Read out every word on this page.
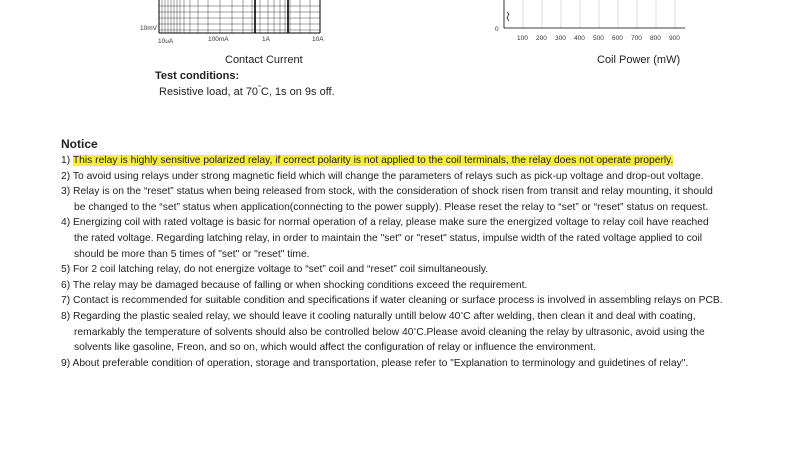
10mV
10uA	100mA	1A	10A
Contact Current
0
100 200 300 400 500 600 700 800 900
Coil Power (mW)
Test conditions:
Resistive load, at 70°C, 1s on 9s off.
Notice
1) This relay is highly sensitive polarized relay, if correct polarity is not applied to the coil terminals, the relay does not operate properly.
2) To avoid using relays under strong magnetic field which will change the parameters of relays such as pick-up voltage and drop-out voltage.
3) Relay is on the “reset” status when being released from stock, with the consideration of shock risen from transit and relay mounting, it should
be changed to the “set” status when application(connecting to the power supply). Please reset the relay to “set” or “reset” status on request.
4) Energizing coil with rated voltage is basic for normal operation of a relay, please make sure the energized voltage to relay coil have reached
the rated voltage. Regarding latching relay, in order to maintain the "set" or "reset" status, impulse width of the rated voltage applied to coil
should be more than 5 times of "set" or "reset" time.
5) For 2 coil latching relay, do not energize voltage to “set” coil and “reset” coil simultaneously.
6) The relay may be damaged because of falling or when shocking conditions exceed the requirement.
7) Contact is recommended for suitable condition and specifications if water cleaning or surface process is involved in assembling relays on PCB.
8) Regarding the plastic sealed relay, we should leave it cooling naturally untill below 40°C after welding, then clean it and deal with coating,
remarkably the temperature of solvents should also be controlled below 40°C.Please avoid cleaning the relay by ultrasonic, avoid using the
solvents like gasoline, Freon, and so on, which would affect the configuration of relay or influence the environment.
9) About preferable condition of operation, storage and transportation, please refer to "Explanation to terminology and guidetines of relay".
